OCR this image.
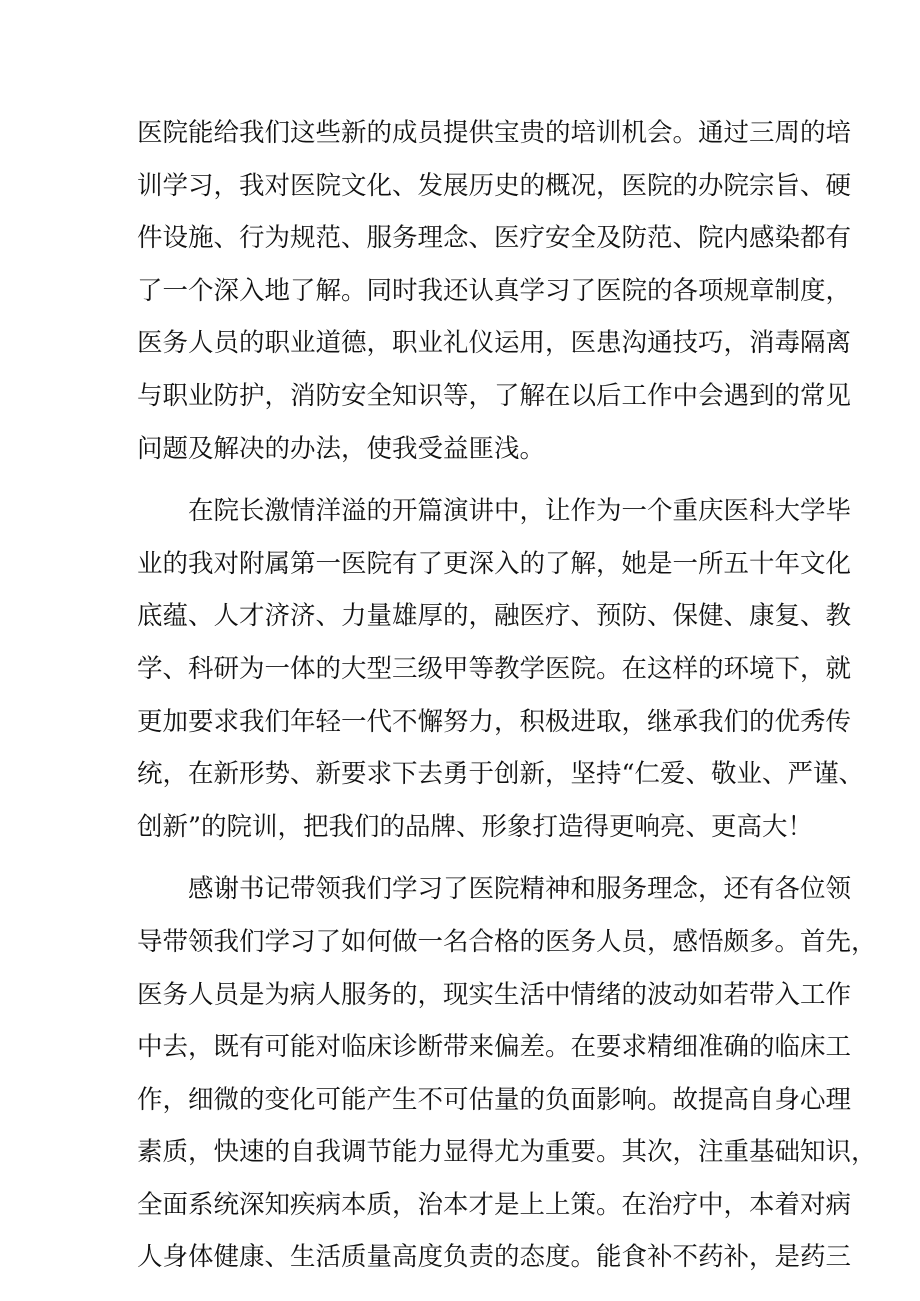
医院能给我们这些新的成员提供宝贵的培训机会。通过三周的培
训学习，我对医院文化、发展历史的概况，医院的办院宗旨、硬
件设施、行为规范、服务理念、医疗安全及防范、院内感染都有
了一个深入地了解。同时我还认真学习了医院的各项规章制度，
医务人员的职业道德，职业礼仪运用，医患沟通技巧，消毒隔离
与职业防护，消防安全知识等，了解在以后工作中会遇到的常见
问题及解决的办法，使我受益匪浅。
在院长激情洋溢的开篇演讲中，让作为一个重庆医科大学毕
业的我对附属第一医院有了更深入的了解，她是一所五十年文化
底蕴、人才济济、力量雄厚的，融医疗、预防、保健、康复、教
学、科研为一体的大型三级甲等教学医院。在这样的环境下，就
更加要求我们年轻一代不懈努力，积极进取，继承我们的优秀传
统，在新形势、新要求下去勇于创新，坚持“仁爱、敬业、严谨、
创新”的院训，把我们的品牌、形象打造得更响亮、更高大！
感谢书记带领我们学习了医院精神和服务理念，还有各位领
导带领我们学习了如何做一名合格的医务人员，感悟颇多。首先，
医务人员是为病人服务的，现实生活中情绪的波动如若带入工作
中去，既有可能对临床诊断带来偏差。在要求精细准确的临床工
作，细微的变化可能产生不可估量的负面影响。故提高自身心理
素质，快速的自我调节能力显得尤为重要。其次，注重基础知识，
全面系统深知疾病本质，治本才是上上策。在治疗中，本着对病
人身体健康、生活质量高度负责的态度。能食补不药补，是药三
